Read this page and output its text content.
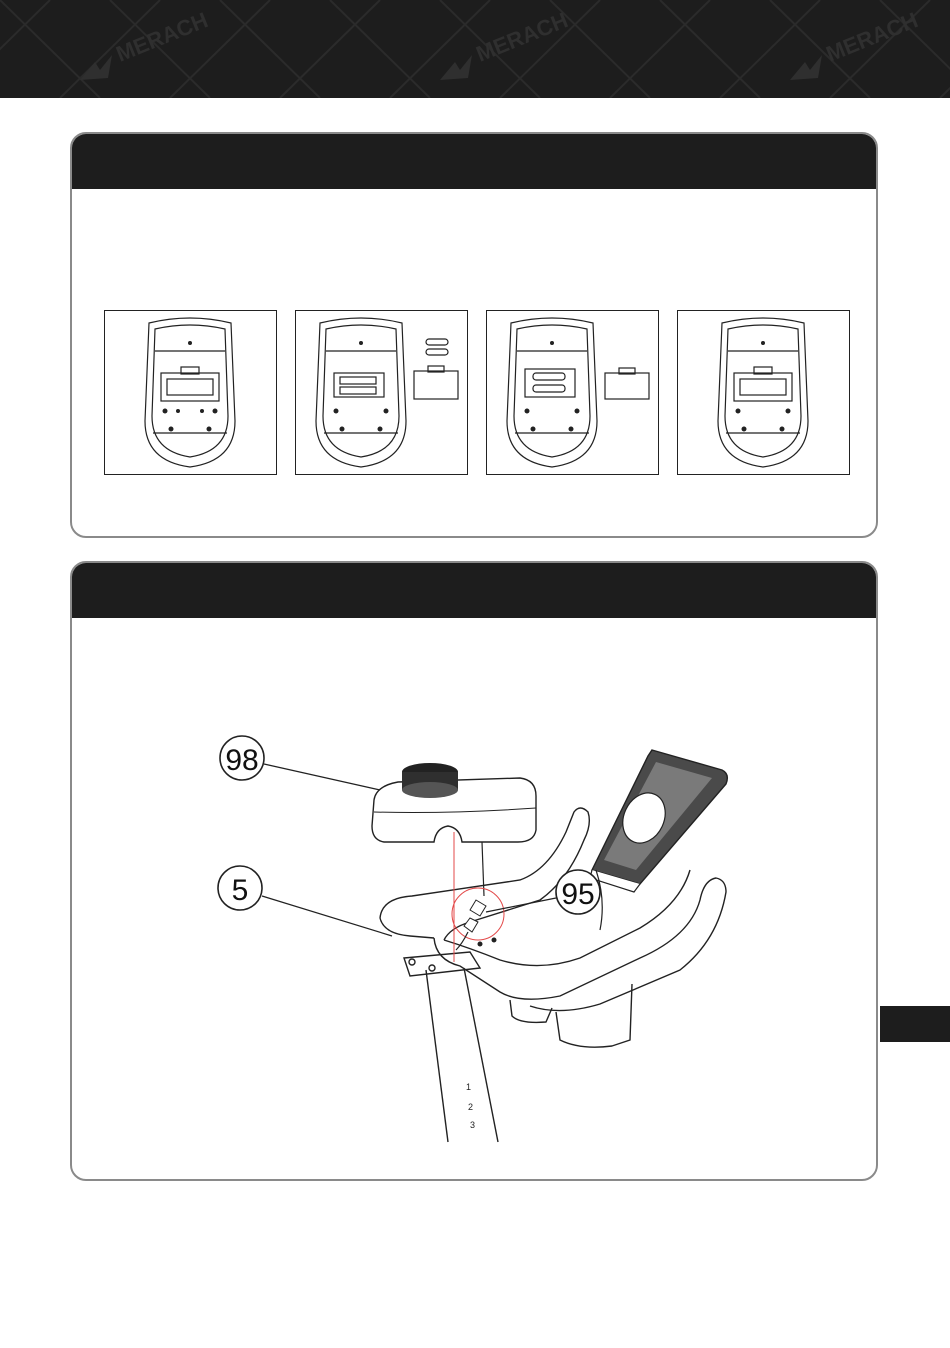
MERACH	MERACH	MERACH
1
2
3
98
5	95
